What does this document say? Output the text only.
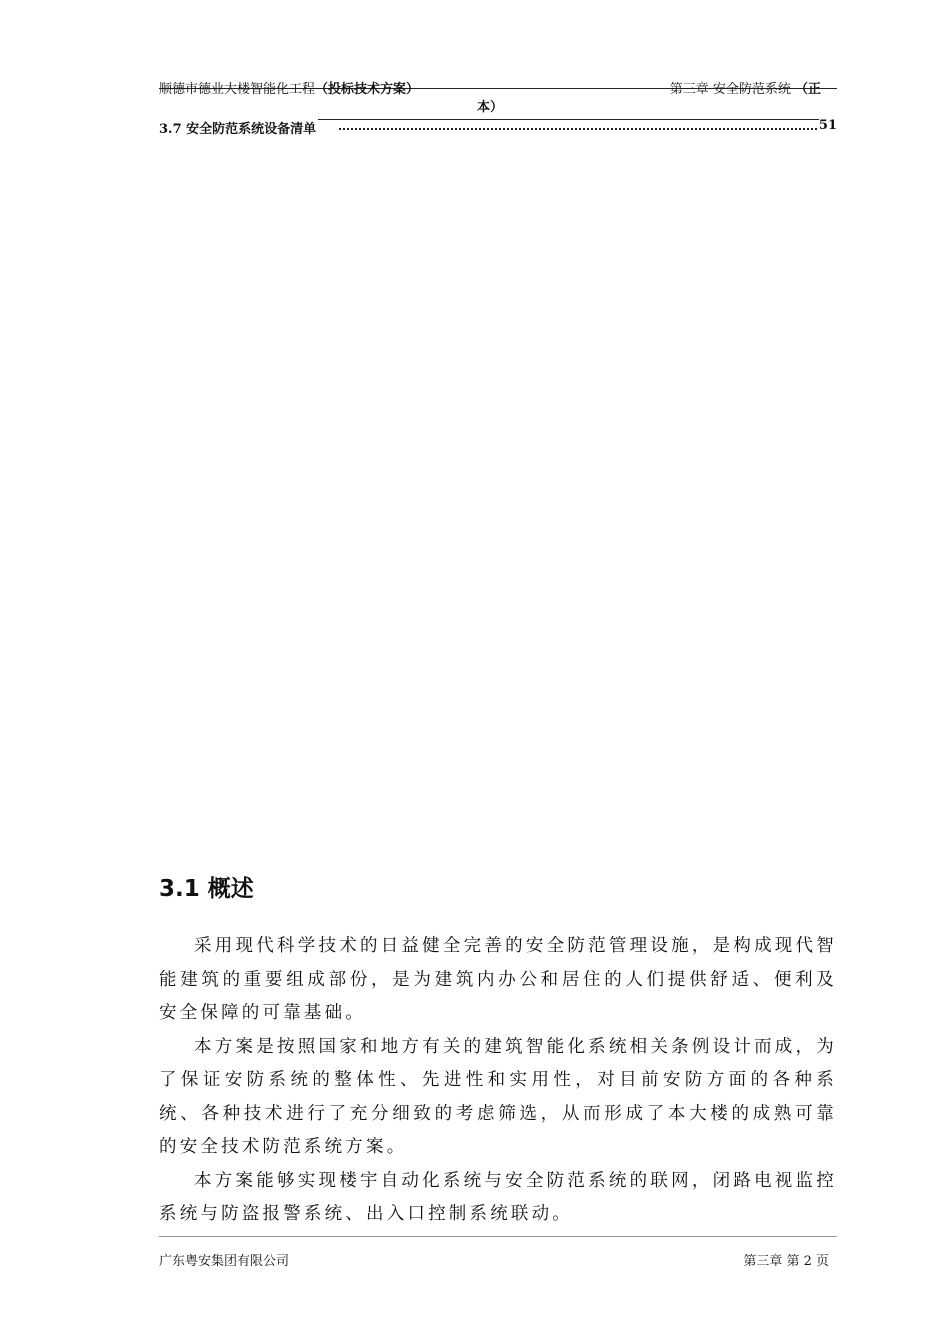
顺德市德业大楼智能化工程（投标技术方案）	第三章 安全防范系统 （正
本）
3.7 安全防范系统设备清单	51
3.1 概述

采用现代科学技术的日益健全完善的安全防范管理设施，是构成现代智能建筑的重要组成部份，是为建筑内办公和居住的人们提供舒适、便利及安全保障的可靠基础。

本方案是按照国家和地方有关的建筑智能化系统相关条例设计而成，为了保证安防系统的整体性、先进性和实用性，对目前安防方面的各种系统、各种技术进行了充分细致的考虑筛选，从而形成了本大楼的成熟可靠的安全技术防范系统方案。

本方案能够实现楼宇自动化系统与安全防范系统的联网，闭路电视监控系统与防盗报警系统、出入口控制系统联动。

广东粤安集团有限公司	第三章 第 2 页
